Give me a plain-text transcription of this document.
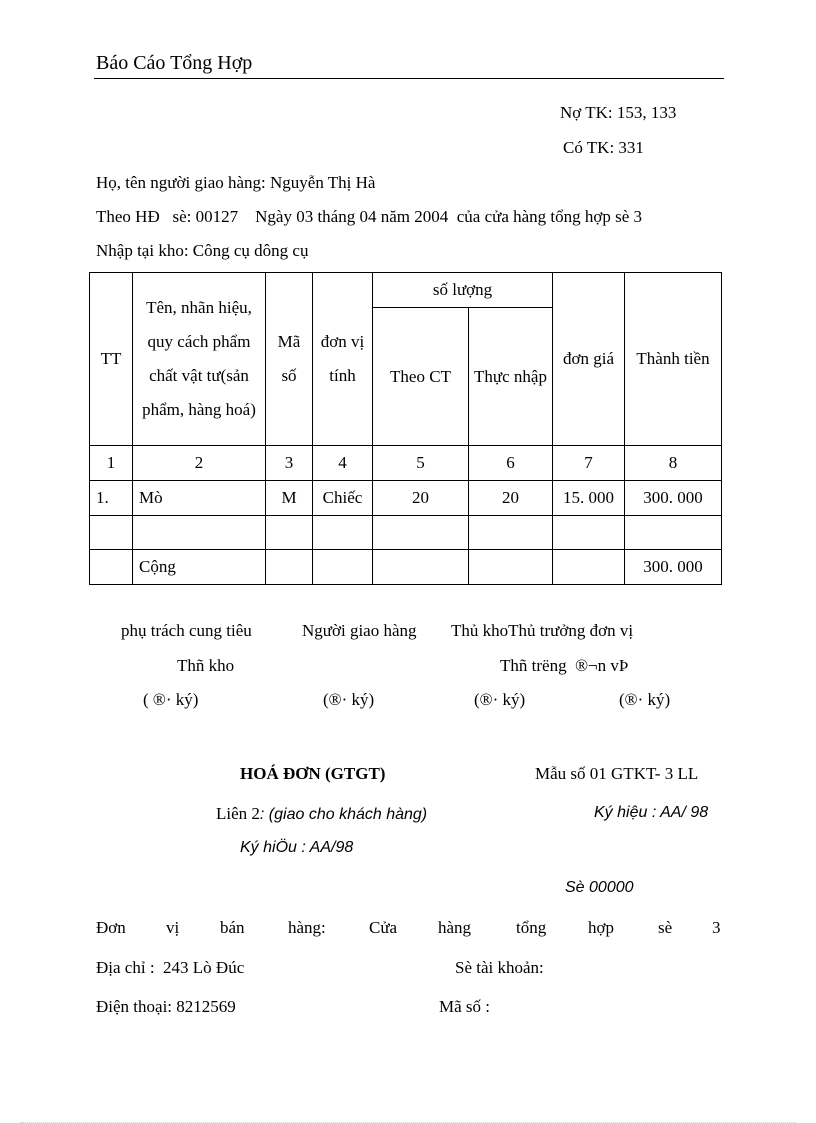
Báo Cáo Tổng Hợp
Nợ TK: 153, 133
Có TK: 331
Họ, tên người giao hàng: Nguyễn Thị Hà
Theo HĐ   sè: 00127    Ngày 03 tháng 04 năm 2004  của cửa hàng tổng hợp sè 3
Nhập tại kho: Công cụ dông cụ
TT	Tên, nhãn hiệu, quy cách phẩm chất vật tư(sản phẩm, hàng hoá)	Mã số	đơn vị tính	số lượng		đơn giá	Thành tiền
				Theo CT	Thực nhập		
1	2	3	4	5	6	7	8
1.	Mò	M	Chiếc	20	20	15. 000	300. 000

	Cộng						300. 000
phụ trách cung tiêu	Người giao hàng Thủ khoThủ trưởng đơn vị
Thñ kho	Thñ trëng  ®¬n vÞ
( ®· ký)	(®· ký)	(®· ký)	(®· ký)
HOÁ ĐƠN (GTGT)	Mẫu số 01 GTKT- 3 LL
Liên 2: (giao cho khách hàng)	Ký hiệu : AA/ 98
Ký hiÖu : AA/98
Sè 00000
Đơn vị bán	hàng:	Cửa hàng	tổng hợp	sè 3
Địa chỉ :  243 Lò Đúc	Sè tài khoản:
Điện thoại: 8212569	Mã số :
